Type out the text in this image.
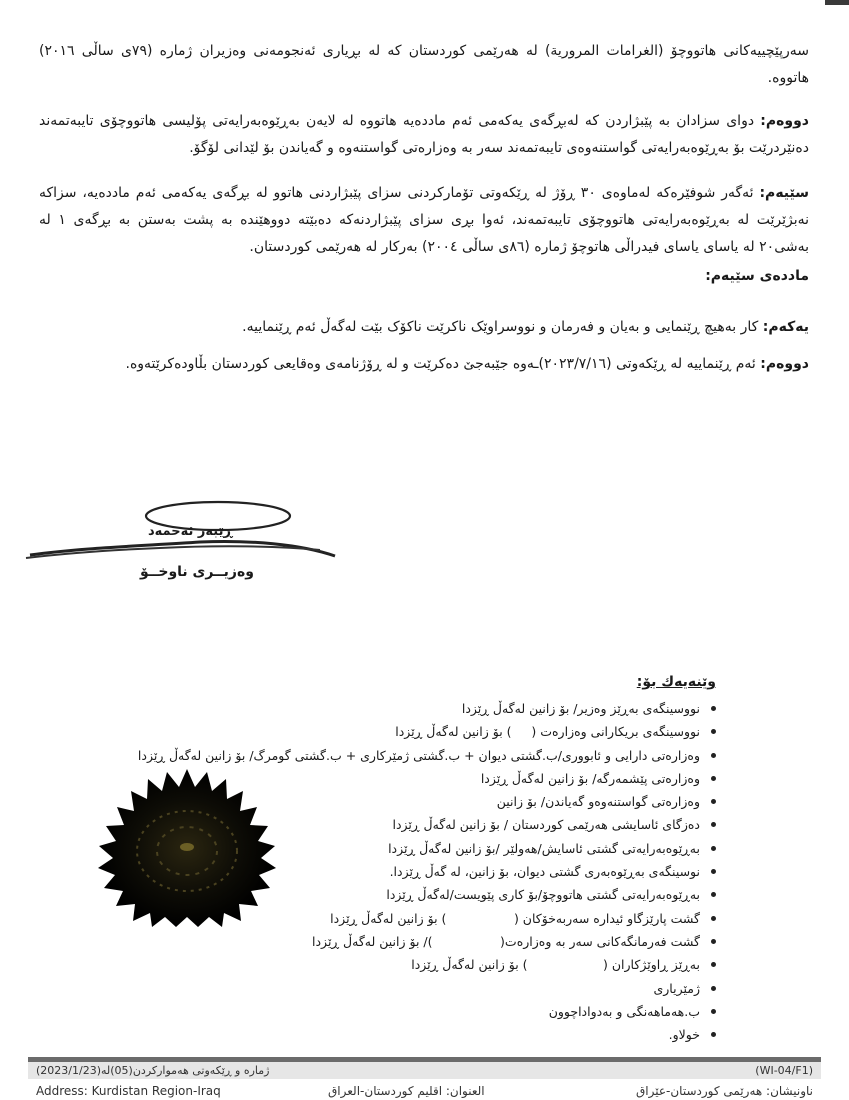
سەرپێچییەکانی هاتووچۆ (الغرامات المرورية) لە هەرێمی کوردستان کە لە بڕیاری ئەنجومەنی وەزیران ژمارە (٧٩ی ساڵی ٢٠١٦) هاتووە.
دووەم: دوای سزادان بە پێبژاردن کە لەبڕگەی یەکەمی ئەم ماددەیە هاتووە لە لایەن بەڕێوەبەرایەتی پۆلیسی هاتووچۆی تایبەتمەند دەنێردرێت بۆ بەڕێوەبەرایەتی گواستنەوەی تایبەتمەند سەر بە وەزارەتی گواستنەوە و گەیاندن بۆ لێدانی لۆگۆ.
سێیەم: ئەگەر شوفێرەکە لەماوەی ٣٠ ڕۆژ لە ڕێکەوتی تۆمارکردنی سزای پێبژاردنی هاتوو لە بڕگەی یەکەمی ئەم ماددەیە، سزاکە نەبژێرێت لە بەڕێوەبەرایەتی هاتووچۆی تایبەتمەند، ئەوا بڕی سزای پێبژاردنەکە دەبێتە دووهێندە بە پشت بەستن بە بڕگەی ١ لە بەشی٢٠ لە یاسای یاسای فیدراڵی هاتوچۆ ژمارە (٨٦ی ساڵی ٢٠٠٤) بەرکار لە هەرێمی کوردستان.
ماددەی سێیەم:
یەکەم: کار بەهیچ ڕێنمایی و بەیان و فەرمان و نووسراوێک ناکرێت ناکۆک بێت لەگەڵ ئەم ڕێنماییە.
دووەم: ئەم ڕێنماییە لە ڕێکەوتی (٢٠٢٣/٧/١٦)ـەوە جێبەجێ دەکرێت و لە ڕۆژنامەی وەقایعی کوردستان بڵاودەکرێتەوە.
ڕێبەر ئەحمەد
وەزیــری ناوخــۆ
وێنەیەك بۆ:
نووسینگەی بەڕێز وەزیر/ بۆ زانین لەگەڵ ڕێزدا
نووسینگەی بریکارانی وەزارەت (     ) بۆ زانین لەگەڵ ڕێزدا
وەزارەتی دارایی و ئابووری/ب.گشتی دیوان + ب.گشتی ژمێرکاری + ب.گشتی گومرگ/ بۆ زانین لەگەڵ ڕێزدا
وەزارەتی پێشمەرگە/ بۆ زانین لەگەڵ ڕێزدا
وەزارەتی گواستنەوەو گەیاندن/ بۆ زانین
دەزگای ئاسایشی هەرێمی کوردستان / بۆ زانین لەگەڵ ڕێزدا
بەڕێوەبەرایەتی گشتی ئاسایش/هەولێر /بۆ زانین لەگەڵ ڕێزدا
نوسینگەی بەڕێوەبەری گشتی دیوان، بۆ زانین، لە گەڵ ڕێزدا.
بەڕێوەبەرایەتی گشتی هاتووچۆ/بۆ کاری پێویست/لەگەڵ ڕێزدا
گشت پارێزگاو ئیدارە سەربەخۆکان (                 ) بۆ زانین لەگەڵ ڕێزدا
گشت فەرمانگەکانی سەر بە وەزارەت(                 )/ بۆ زانین لەگەڵ ڕێزدا
بەڕێز ڕاوێژکاران (                   ) بۆ زانین لەگەڵ ڕێزدا
ژمێریاری
ب.هەماهەنگی و بەدواداچوون
خولاو.
ژمارە و ڕێکەوتی هەموارکردن(05)لە(2023/1/23)	(WI-04/F1)
Address: Kurdistan Region-Iraq	العنوان: اقليم كوردستان-العراق	ناونیشان: هەرێمی کوردستان-عێراق
